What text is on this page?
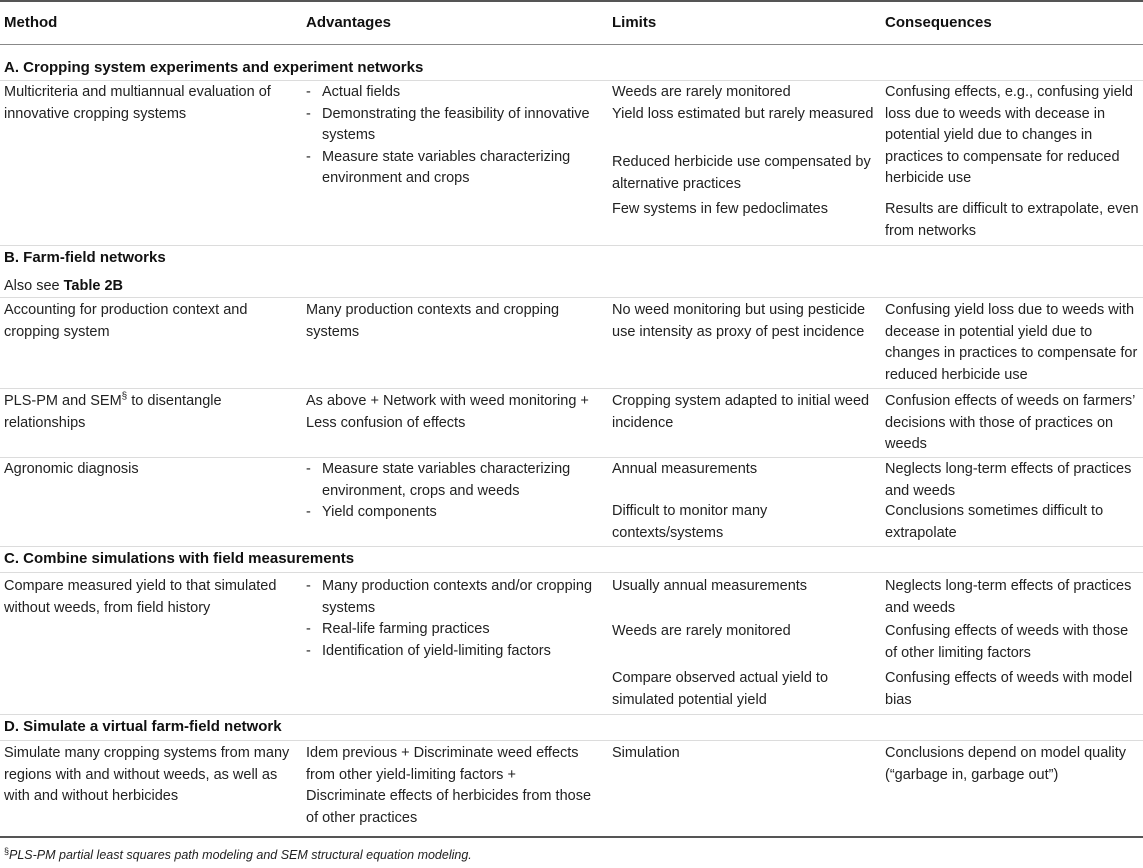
Method	Advantages	Limits	Consequences
A. Cropping system experiments and experiment networks
Multicriteria and multiannual evaluation of innovative cropping systems
- Actual fields
- Demonstrating the feasibility of innovative systems
- Measure state variables characterizing environment and crops
Weeds are rarely monitored
Yield loss estimated but rarely measured
Reduced herbicide use compensated by alternative practices
Few systems in few pedoclimates
Confusing effects, e.g., confusing yield loss due to weeds with decease in potential yield due to changes in practices to compensate for reduced herbicide use
Results are difficult to extrapolate, even from networks
B. Farm-field networks
Also see Table 2B
Accounting for production context and cropping system
Many production contexts and cropping systems
No weed monitoring but using pesticide use intensity as proxy of pest incidence
Confusing yield loss due to weeds with decease in potential yield due to changes in practices to compensate for reduced herbicide use
PLS-PM and SEM§ to disentangle relationships
As above + Network with weed monitoring + Less confusion of effects
Cropping system adapted to initial weed incidence
Confusion effects of weeds on farmers’ decisions with those of practices on weeds
Agronomic diagnosis
-	Measure state variables characterizing environment, crops and weeds
- Yield components
Annual measurements
Difficult to monitor many contexts/systems
Neglects long-term effects of practices and weeds
Conclusions sometimes difficult to extrapolate
C. Combine simulations with field measurements
Compare measured yield to that simulated without weeds, from field history
- Many production contexts and/or cropping systems
- Real-life farming practices
- Identification of yield-limiting factors
Usually annual measurements
Weeds are rarely monitored
Compare observed actual yield to simulated potential yield
Neglects long-term effects of practices and weeds
Confusing effects of weeds with those of other limiting factors
Confusing effects of weeds with model bias
D. Simulate a virtual farm-field network
Simulate many cropping systems from many regions with and without weeds, as well as with and without herbicides
Idem previous + Discriminate weed effects from other yield-limiting factors + Discriminate effects of herbicides from those of other practices
Simulation	Conclusions depend on model quality (“garbage in, garbage out”)
§PLS-PM partial least squares path modeling and SEM structural equation modeling.
